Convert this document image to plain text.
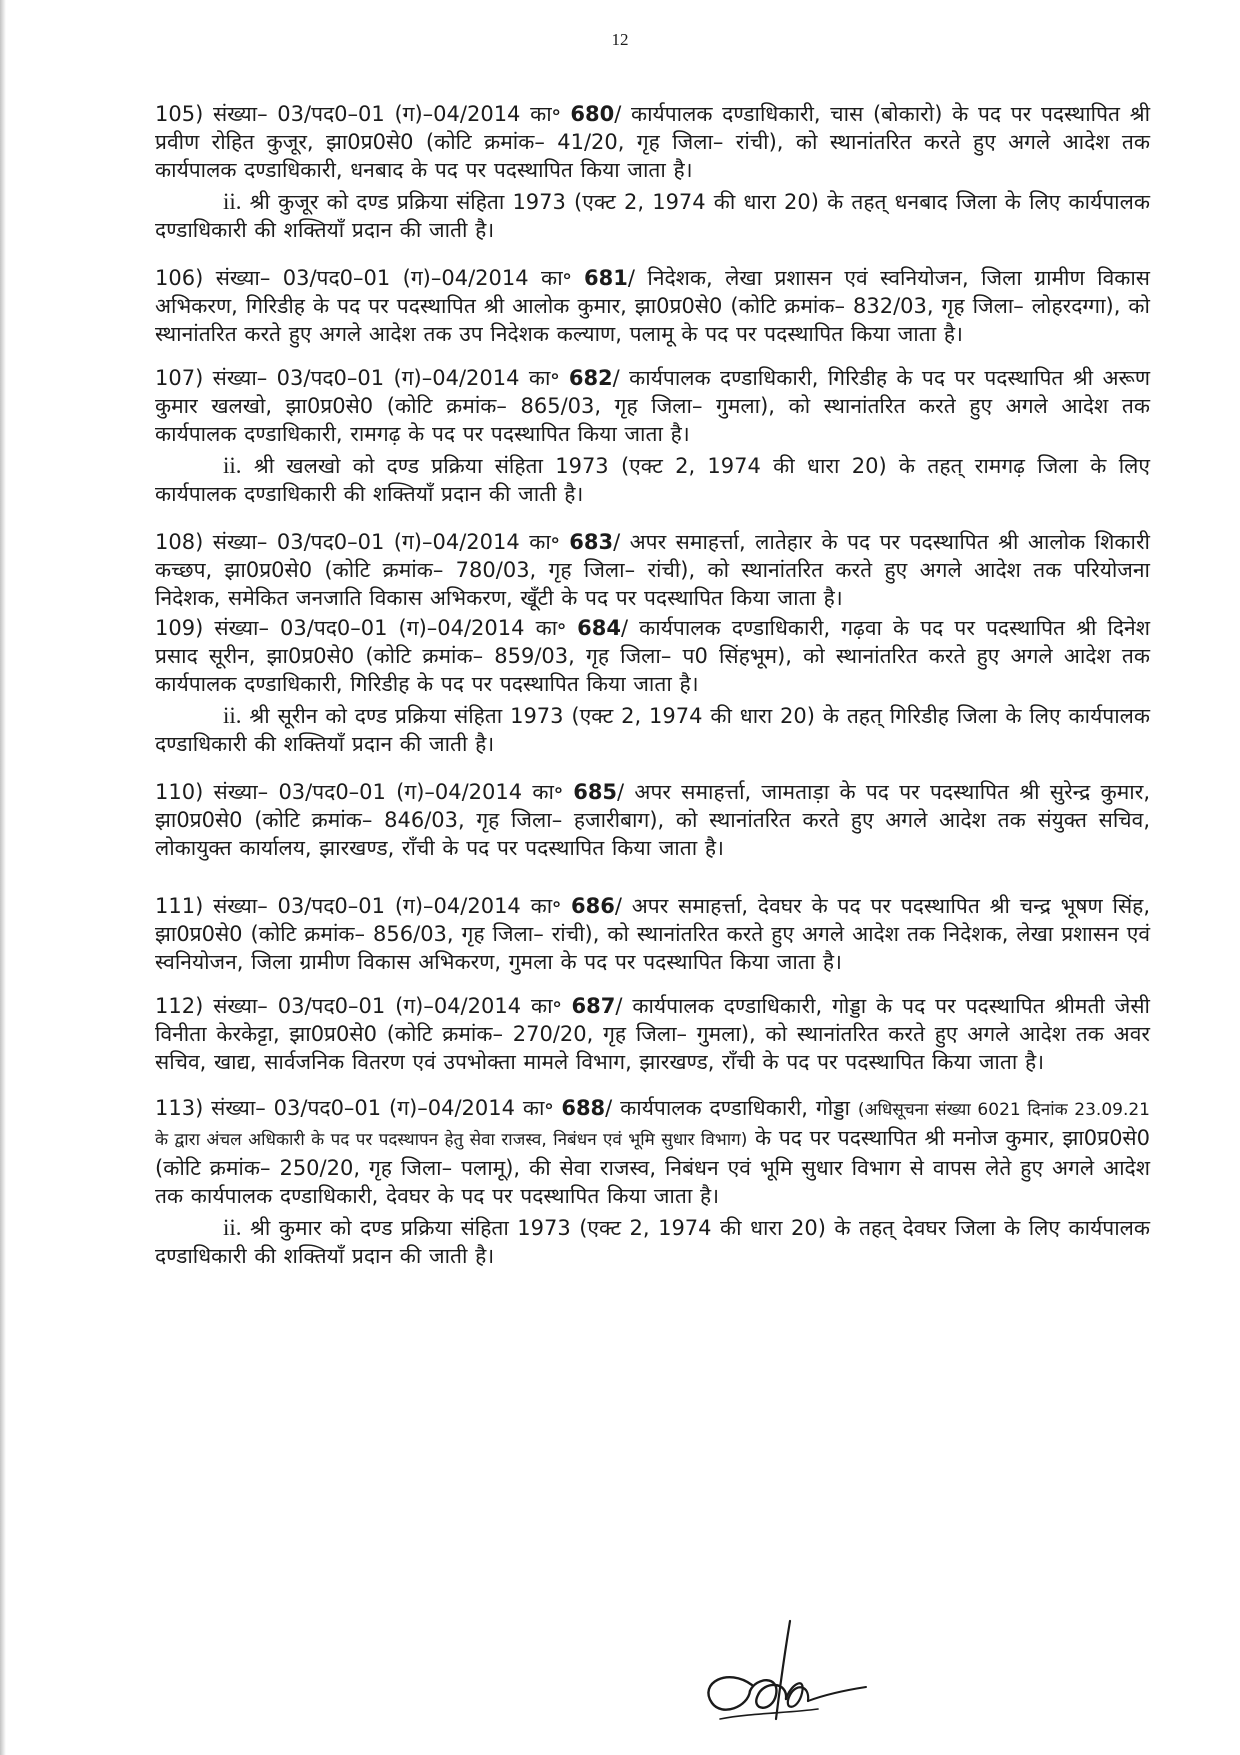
12
105) संख्या– 03/पद0–01 (ग)–04/2014 का॰ 680/ कार्यपालक दण्डाधिकारी, चास (बोकारो) के पद पर पदस्थापित श्री प्रवीण रोहित कुजूर, झा0प्र0से0 (कोटि क्रमांक– 41/20, गृह जिला– रांची), को स्थानांतरित करते हुए अगले आदेश तक कार्यपालक दण्डाधिकारी, धनबाद के पद पर पदस्थापित किया जाता है।
ii. श्री कुजूर को दण्ड प्रक्रिया संहिता 1973 (एक्ट 2, 1974 की धारा 20) के तहत् धनबाद जिला के लिए कार्यपालक दण्डाधिकारी की शक्तियाँ प्रदान की जाती है।
106) संख्या– 03/पद0–01 (ग)–04/2014 का॰ 681/ निदेशक, लेखा प्रशासन एवं स्वनियोजन, जिला ग्रामीण विकास अभिकरण, गिरिडीह के पद पर पदस्थापित श्री आलोक कुमार, झा0प्र0से0 (कोटि क्रमांक– 832/03, गृह जिला– लोहरदग्गा), को स्थानांतरित करते हुए अगले आदेश तक उप निदेशक कल्याण, पलामू के पद पर पदस्थापित किया जाता है।
107) संख्या– 03/पद0–01 (ग)–04/2014 का॰ 682/ कार्यपालक दण्डाधिकारी, गिरिडीह के पद पर पदस्थापित श्री अरूण कुमार खलखो, झा0प्र0से0 (कोटि क्रमांक– 865/03, गृह जिला– गुमला), को स्थानांतरित करते हुए अगले आदेश तक कार्यपालक दण्डाधिकारी, रामगढ़ के पद पर पदस्थापित किया जाता है।
ii. श्री खलखो को दण्ड प्रक्रिया संहिता 1973 (एक्ट 2, 1974 की धारा 20) के तहत् रामगढ़ जिला के लिए कार्यपालक दण्डाधिकारी की शक्तियाँ प्रदान की जाती है।
108) संख्या– 03/पद0–01 (ग)–04/2014 का॰ 683/ अपर समाहर्त्ता, लातेहार के पद पर पदस्थापित श्री आलोक शिकारी कच्छप, झा0प्र0से0 (कोटि क्रमांक– 780/03, गृह जिला– रांची), को स्थानांतरित करते हुए अगले आदेश तक परियोजना निदेशक, समेकित जनजाति विकास अभिकरण, खूँटी के पद पर पदस्थापित किया जाता है।
109) संख्या– 03/पद0–01 (ग)–04/2014 का॰ 684/ कार्यपालक दण्डाधिकारी, गढ़वा के पद पर पदस्थापित श्री दिनेश प्रसाद सूरीन, झा0प्र0से0 (कोटि क्रमांक– 859/03, गृह जिला– प0 सिंहभूम), को स्थानांतरित करते हुए अगले आदेश तक कार्यपालक दण्डाधिकारी, गिरिडीह के पद पर पदस्थापित किया जाता है।
ii. श्री सूरीन को दण्ड प्रक्रिया संहिता 1973 (एक्ट 2, 1974 की धारा 20) के तहत् गिरिडीह जिला के लिए कार्यपालक दण्डाधिकारी की शक्तियाँ प्रदान की जाती है।
110) संख्या– 03/पद0–01 (ग)–04/2014 का॰ 685/ अपर समाहर्त्ता, जामताड़ा के पद पर पदस्थापित श्री सुरेन्द्र कुमार, झा0प्र0से0 (कोटि क्रमांक– 846/03, गृह जिला– हजारीबाग), को स्थानांतरित करते हुए अगले आदेश तक संयुक्त सचिव, लोकायुक्त कार्यालय, झारखण्ड, राँची के पद पर पदस्थापित किया जाता है।
111) संख्या– 03/पद0–01 (ग)–04/2014 का॰ 686/ अपर समाहर्त्ता, देवघर के पद पर पदस्थापित श्री चन्द्र भूषण सिंह, झा0प्र0से0 (कोटि क्रमांक– 856/03, गृह जिला– रांची), को स्थानांतरित करते हुए अगले आदेश तक निदेशक, लेखा प्रशासन एवं स्वनियोजन, जिला ग्रामीण विकास अभिकरण, गुमला के पद पर पदस्थापित किया जाता है।
112) संख्या– 03/पद0–01 (ग)–04/2014 का॰ 687/ कार्यपालक दण्डाधिकारी, गोड्डा के पद पर पदस्थापित श्रीमती जेसी विनीता केरकेट्टा, झा0प्र0से0 (कोटि क्रमांक– 270/20, गृह जिला– गुमला), को स्थानांतरित करते हुए अगले आदेश तक अवर सचिव, खाद्य, सार्वजनिक वितरण एवं उपभोक्ता मामले विभाग, झारखण्ड, राँची के पद पर पदस्थापित किया जाता है।
113) संख्या– 03/पद0–01 (ग)–04/2014 का॰ 688/ कार्यपालक दण्डाधिकारी, गोड्डा (अधिसूचना संख्या 6021 दिनांक 23.09.21 के द्वारा अंचल अधिकारी के पद पर पदस्थापन हेतु सेवा राजस्व, निबंधन एवं भूमि सुधार विभाग) के पद पर पदस्थापित श्री मनोज कुमार, झा0प्र0से0 (कोटि क्रमांक– 250/20, गृह जिला– पलामू), की सेवा राजस्व, निबंधन एवं भूमि सुधार विभाग से वापस लेते हुए अगले आदेश तक कार्यपालक दण्डाधिकारी, देवघर के पद पर पदस्थापित किया जाता है।
ii. श्री कुमार को दण्ड प्रक्रिया संहिता 1973 (एक्ट 2, 1974 की धारा 20) के तहत् देवघर जिला के लिए कार्यपालक दण्डाधिकारी की शक्तियाँ प्रदान की जाती है।
